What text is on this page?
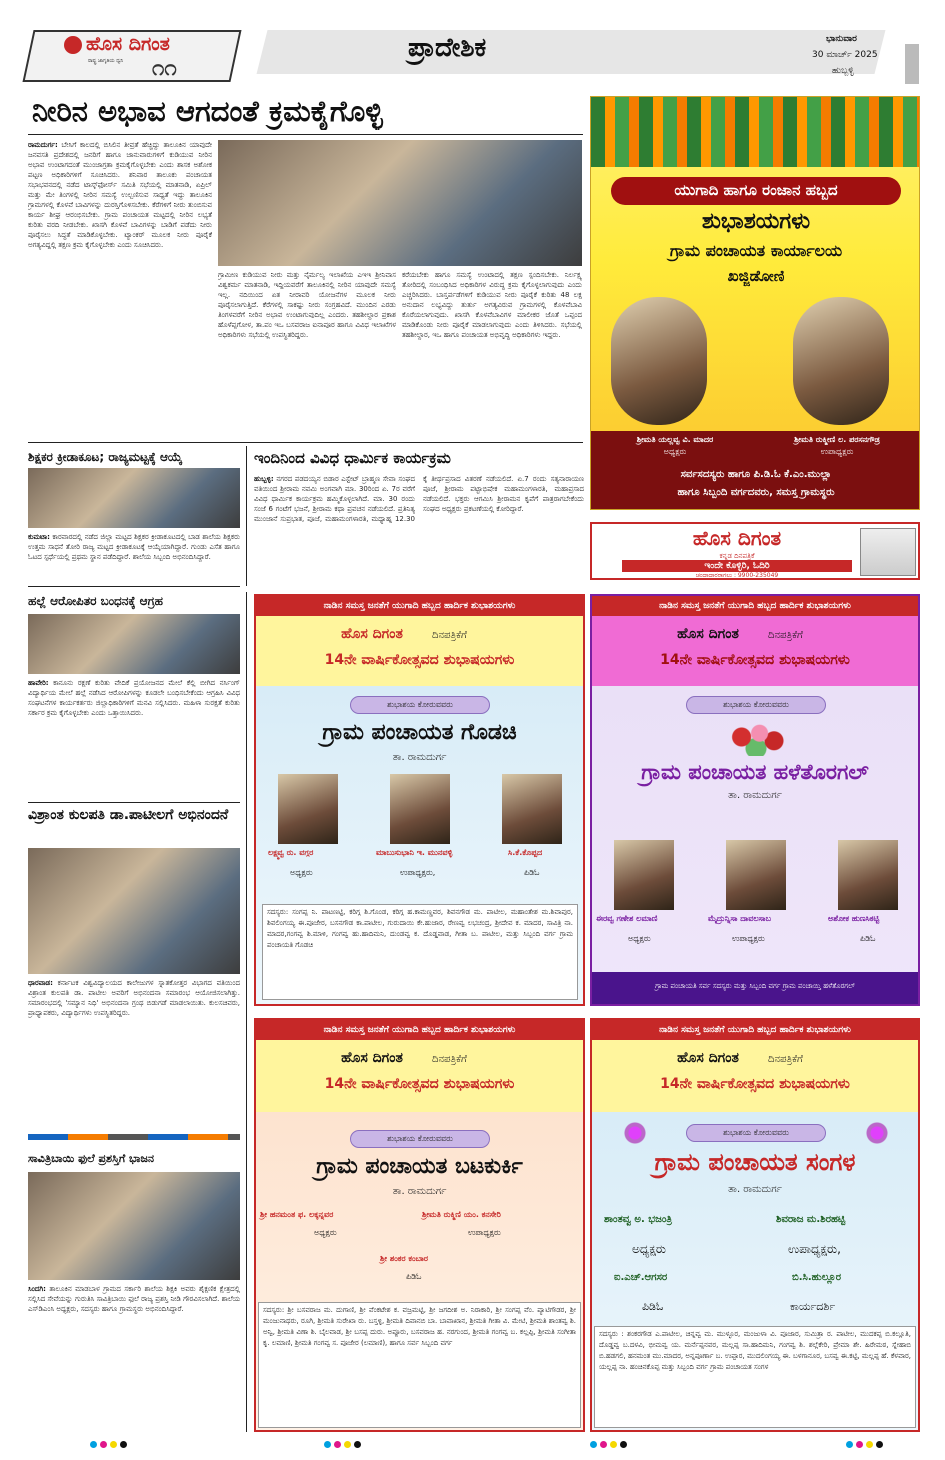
ಹೊಸ ದಿಗಂತ
ರಾಷ್ಟ್ರ ಜಾಗೃತಿಯ ಧ್ವನಿ ೧೧
ಪ್ರಾದೇಶಿಕ	ಭಾನುವಾರ
30 ಮಾರ್ಚ್ 2025
ಹುಬ್ಬಳ್ಳಿ
ನೀರಿನ ಅಭಾವ ಆಗದಂತೆ ಕ್ರಮಕೈಗೊಳ್ಳಿ
ರಾಮದುರ್ಗ: ಬೇಸಿಗೆ ಕಾಲದಲ್ಲಿ ಬಿಸಿಲಿನ ತೀವ್ರತೆ ಹೆಚ್ಚಿದ್ದು ತಾಲೂಕಿನ ಯಾವುದೇ ಜನವಸತಿ ಪ್ರದೇಶದಲ್ಲಿ ಜನರಿಗೆ ಹಾಗೂ ಜಾನುವಾರುಗಳಿಗೆ ಕುಡಿಯುವ ನೀರಿನ ಅಭಾವ ಉಂಟಾಗದಂತೆ ಮುಂಜಾಗ್ರತಾ ಕ್ರಮಕೈಗೊಳ್ಳಬೇಕು ಎಂದು ಶಾಸಕ ಅಶೋಕ ಪಟ್ಟಣ ಅಧಿಕಾರಿಗಳಿಗೆ ಸೂಚಿಸಿದರು. ಶನಿವಾರ ತಾಲೂಕು ಪಂಚಾಯತ ಸಭಾಭವನದಲ್ಲಿ ನಡೆದ ಟಾಸ್ಕ್‌ಫೋರ್ಸ್ ಸಮಿತಿ ಸಭೆಯಲ್ಲಿ ಮಾತನಾಡಿ, ಏಪ್ರಿಲ್ ಮತ್ತು ಮೇ ತಿಂಗಳಲ್ಲಿ ನೀರಿನ ಸಮಸ್ಯೆ ಉಲ್ಬಣಿಸುವ ಸಾಧ್ಯತೆ ಇದ್ದು ತಾಲೂಕಿನ ಗ್ರಾಮಗಳಲ್ಲಿ ಕೊಳವೆ ಬಾವಿಗಳನ್ನು ದುರಸ್ತಿಗೊಳಿಸಬೇಕು. ಕೆರೆಗಳಿಗೆ ನೀರು ತುಂಬಿಸುವ ಕಾರ್ಯ ಶೀಘ್ರ ಆರಂಭಿಸಬೇಕು. ಗ್ರಾಮ ಪಂಚಾಯತ ಮಟ್ಟದಲ್ಲಿ ನೀರಿನ ಲಭ್ಯತೆ ಕುರಿತು ವರದಿ ನೀಡಬೇಕು. ಖಾಸಗಿ ಕೊಳವೆ ಬಾವಿಗಳನ್ನು ಬಾಡಿಗೆ ಪಡೆದು ನೀರು ಪೂರೈಸಲು ಸಿದ್ಧತೆ ಮಾಡಿಕೊಳ್ಳಬೇಕು. ಟ್ಯಾಂಕರ್ ಮೂಲಕ ನೀರು ಪೂರೈಕೆ ಅಗತ್ಯವಿದ್ದಲ್ಲಿ ತಕ್ಷಣ ಕ್ರಮ ಕೈಗೊಳ್ಳಬೇಕು ಎಂದು ಸೂಚಿಸಿದರು.
ಗ್ರಾಮೀಣ ಕುಡಿಯುವ ನೀರು ಮತ್ತು ನೈರ್ಮಲ್ಯ ಇಲಾಖೆಯ ಎಇಇ ಶ್ರೀನಿವಾಸ ವಿಶ್ವಕರ್ಮ ಮಾತನಾಡಿ, ಇದ್ದಿಯವರೆಗೆ ತಾಲೂಕಿನಲ್ಲಿ ನೀರಿನ ಯಾವುದೇ ಸಮಸ್ಯೆ ಇಲ್ಲ. ನದಿಯಿಂದ ಏತ ನೀರಾವರಿ ಯೋಜನೆಗಳ ಮೂಲಕ ನೀರು ಪೂರೈಸಲಾಗುತ್ತಿದೆ. ಕೆರೆಗಳಲ್ಲಿ ಸಾಕಷ್ಟು ನೀರು ಸಂಗ್ರಹವಿದೆ. ಮುಂದಿನ ಎರಡು ತಿಂಗಳವರೆಗೆ ನೀರಿನ ಅಭಾವ ಉಂಟಾಗುವುದಿಲ್ಲ ಎಂದರು. ತಹಶೀಲ್ದಾರ ಪ್ರಕಾಶ ಹೊಳೆಪ್ಪಗೋಳ, ತಾ.ಪಂ ಇಒ ಬಸವರಾಜ ಐನಾಪೂರ ಹಾಗೂ ವಿವಿಧ ಇಲಾಖೆಗಳ ಅಧಿಕಾರಿಗಳು ಸಭೆಯಲ್ಲಿ ಉಪಸ್ಥಿತರಿದ್ದರು.
ಕರೆಯಬೇಕು ಹಾಗೂ ಸಮಸ್ಯೆ ಉಂಟಾದಲ್ಲಿ ತಕ್ಷಣ ಸ್ಪಂದಿಸಬೇಕು. ನಿರ್ಲಕ್ಷ್ಯ ತೋರಿದಲ್ಲಿ ಸಂಬಂಧಿಸಿದ ಅಧಿಕಾರಿಗಳ ವಿರುದ್ಧ ಕ್ರಮ ಕೈಗೊಳ್ಳಲಾಗುವುದು ಎಂದು ಎಚ್ಚರಿಸಿದರು. ಬಾಸ್ತರ್ಪಡೆಗಳಿಗೆ ಕುಡಿಯುವ ನೀರು ಪೂರೈಕೆ ಕುರಿತು 48 ಲಕ್ಷ ಅನುದಾನ ಲಭ್ಯವಿದ್ದು ತುರ್ತು ಅಗತ್ಯವಿರುವ ಗ್ರಾಮಗಳಲ್ಲಿ ಕೊಳವೆಬಾವಿ ಕೊರೆಯಲಾಗುವುದು. ಖಾಸಗಿ ಕೊಳವೆಬಾವಿಗಳ ಮಾಲೀಕರ ಜೊತೆ ಒಪ್ಪಂದ ಮಾಡಿಕೊಂಡು ನೀರು ಪೂರೈಕೆ ಮಾಡಲಾಗುವುದು ಎಂದು ತಿಳಿಸಿದರು. ಸಭೆಯಲ್ಲಿ ತಹಶೀಲ್ದಾರ, ಇಒ ಹಾಗೂ ಪಂಚಾಯತ ಅಭಿವೃದ್ಧಿ ಅಧಿಕಾರಿಗಳು ಇದ್ದರು.
ಶಿಕ್ಷಕರ ಕ್ರೀಡಾಕೂಟ; ರಾಜ್ಯಮಟ್ಟಕ್ಕೆ ಆಯ್ಕೆ
ಕುಮಟಾ: ಕಾರವಾರದಲ್ಲಿ ನಡೆದ ಜಿಲ್ಲಾ ಮಟ್ಟದ ಶಿಕ್ಷಕರ ಕ್ರೀಡಾಕೂಟದಲ್ಲಿ ಬಾಡ ಶಾಲೆಯ ಶಿಕ್ಷಕರು ಉತ್ತಮ ಸಾಧನೆ ತೋರಿ ರಾಜ್ಯ ಮಟ್ಟದ ಕ್ರೀಡಾಕೂಟಕ್ಕೆ ಆಯ್ಕೆಯಾಗಿದ್ದಾರೆ. ಗುಂಡು ಎಸೆತ ಹಾಗೂ ಓಟದ ಸ್ಪರ್ಧೆಯಲ್ಲಿ ಪ್ರಥಮ ಸ್ಥಾನ ಪಡೆದಿದ್ದಾರೆ. ಶಾಲೆಯ ಸಿಬ್ಬಂದಿ ಅಭಿನಂದಿಸಿದ್ದಾರೆ.
ಇಂದಿನಿಂದ ವಿವಿಧ ಧಾರ್ಮಿಕ ಕಾರ್ಯಕ್ರಮ
ಹುಬ್ಬಳ್ಳಿ: ನಗರದ ಪಡದಯ್ಯನ ಬಿಡಾರ ಎಸ್ಟೇಟ್ ಬ್ರಾಹ್ಮಣ ಸೇವಾ ಸಂಘದ ವತಿಯಿಂದ ಶ್ರೀರಾಮ ನವಮಿ ಅಂಗವಾಗಿ ಮಾ. 30ರಿಂದ ಏ. 7ರ ವರೆಗೆ ವಿವಿಧ ಧಾರ್ಮಿಕ ಕಾರ್ಯಕ್ರಮ ಹಮ್ಮಿಕೊಳ್ಳಲಾಗಿದೆ. ಮಾ. 30 ರಂದು ಸಂಜೆ 6 ಗಂಟೆಗೆ ಭಜನೆ, ಶ್ರೀರಾಮ ಕಥಾ ಪ್ರವಚನ ನಡೆಯಲಿದೆ. ಪ್ರತಿನಿತ್ಯ ಮುಂಜಾನೆ ಸುಪ್ರಭಾತ, ಪೂಜೆ, ಮಹಾಮಂಗಳಾರತಿ, ಮಧ್ಯಾಹ್ನ 12.30 ಕ್ಕೆ ತೀರ್ಥಪ್ರಸಾದ ವಿತರಣೆ ನಡೆಯಲಿದೆ. ಏ.7 ರಂದು ಸತ್ಯನಾರಾಯಣ ಪೂಜೆ, ಶ್ರೀರಾಮ ಪಟ್ಟಾಭಿಷೇಕ ಮಹಾಮಂಗಳಾರತಿ, ಮಹಾಪ್ರಸಾದ ನಡೆಯಲಿದೆ. ಭಕ್ತರು ಆಗಮಿಸಿ ಶ್ರೀರಾಮನ ಕೃಪೆಗೆ ಪಾತ್ರರಾಗಬೇಕೆಂದು ಸಂಘದ ಅಧ್ಯಕ್ಷರು ಪ್ರಕಟಣೆಯಲ್ಲಿ ಕೋರಿದ್ದಾರೆ.
ಹಲ್ಲೆ ಆರೋಪಿತರ ಬಂಧನಕ್ಕೆ ಆಗ್ರಹ
ಹಾವೇರಿ: ಕಾನೂನು ರಕ್ಷಣೆ ಕುರಿತು ವೇದಿಕೆ ಪ್ರಯೋಜನದ ಮೇಲೆ ಕೆಲ್ಲಿ ಬೀಗಿದ ನರ್ಸಿಂಗ್ ವಿದ್ಯಾರ್ಥಿಯ ಮೇಲೆ ಹಲ್ಲೆ ನಡೆಸಿದ ಆರೋಪಿಗಳನ್ನು ಕೂಡಲೇ ಬಂಧಿಸಬೇಕೆಂದು ಆಗ್ರಹಿಸಿ ವಿವಿಧ ಸಂಘಟನೆಗಳ ಕಾರ್ಯಕರ್ತರು ಜಿಲ್ಲಾಧಿಕಾರಿಗಳಿಗೆ ಮನವಿ ಸಲ್ಲಿಸಿದರು. ಮಹಿಳಾ ಸುರಕ್ಷತೆ ಕುರಿತು ಸರ್ಕಾರ ಕ್ರಮ ಕೈಗೊಳ್ಳಬೇಕು ಎಂದು ಒತ್ತಾಯಿಸಿದರು.
ವಿಶ್ರಾಂತ ಕುಲಪತಿ ಡಾ.ಪಾಟೀಲಗೆ ಅಭಿನಂದನೆ
ಧಾರವಾಡ: ಕರ್ನಾಟಕ ವಿಶ್ವವಿದ್ಯಾಲಯದ ಕಾಲೇಜುಗಳ ಸ್ನಾತಕೋತ್ತರ ವಿಭಾಗದ ವತಿಯಿಂದ ವಿಶ್ರಾಂತ ಕುಲಪತಿ ಡಾ. ಪಾಟೀಲ ಅವರಿಗೆ ಅಭಿನಂದನಾ ಸಮಾರಂಭ ಆಯೋಜಿಸಲಾಗಿತ್ತು. ಸಮಾರಂಭದಲ್ಲಿ 'ಸಮ್ಯಾನ ನಿಧಿ' ಅಭಿನಂದನಾ ಗ್ರಂಥ ಬಿಡುಗಡೆ ಮಾಡಲಾಯಿತು. ಕುಲಸಚಿವರು, ಪ್ರಾಧ್ಯಾಪಕರು, ವಿದ್ಯಾರ್ಥಿಗಳು ಉಪಸ್ಥಿತರಿದ್ದರು.
ಸಾವಿತ್ರಿಬಾಯಿ ಫುಲೆ ಪ್ರಶಸ್ತಿಗೆ ಭಾಜನ
ಸಿಂದಗಿ: ತಾಲೂಕಿನ ಮಾಡಬಾಳ ಗ್ರಾಮದ ಸರ್ಕಾರಿ ಶಾಲೆಯ ಶಿಕ್ಷಕಿ ಅವರು ಶೈಕ್ಷಣಿಕ ಕ್ಷೇತ್ರದಲ್ಲಿ ಸಲ್ಲಿಸಿದ ಸೇವೆಯನ್ನು ಗುರುತಿಸಿ ಸಾವಿತ್ರಿಬಾಯಿ ಫುಲೆ ರಾಜ್ಯ ಪ್ರಶಸ್ತಿ ನೀಡಿ ಗೌರವಿಸಲಾಗಿದೆ. ಶಾಲೆಯ ಎಸ್‌ಡಿಎಂಸಿ ಅಧ್ಯಕ್ಷರು, ಸದಸ್ಯರು ಹಾಗೂ ಗ್ರಾಮಸ್ಥರು ಅಭಿನಂದಿಸಿದ್ದಾರೆ.
ಯುಗಾದಿ ಹಾಗೂ ರಂಜಾನ ಹಬ್ಬದ
ಶುಭಾಶಯಗಳು
ಗ್ರಾಮ ಪಂಚಾಯತ ಕಾರ್ಯಾಲಯ
ಖಜ್ಜಿಡೋಣಿ
ಶ್ರೀಮತಿ ಯಲ್ಲವ್ವ ವಿ. ಮಾದರ
ಅಧ್ಯಕ್ಷರು
ಶ್ರೀಮತಿ ರುಕ್ಮೀಣಿ ಲ. ಪರಸನಗೌಡ್ರ
ಉಪಾಧ್ಯಕ್ಷರು
ಸರ್ವಸದಸ್ಯರು ಹಾಗೂ ಪಿ.ಡಿ.ಓ ಕೆ.ಎಂ.ಮುಲ್ಲಾ
ಹಾಗೂ ಸಿಬ್ಬಂದಿ ವರ್ಗದವರು, ಸಮಸ್ತ ಗ್ರಾಮಸ್ಥರು
ಹೊಸ ದಿಗಂತ
ಕನ್ನಡ ದಿನಪತ್ರಿಕೆ
ಇಂದೇ ಕೊಳ್ಳಿರಿ, ಓದಿರಿ
ಚಂದಾದಾರರಾಗಲು : 9900-235049
ನಾಡಿನ ಸಮಸ್ತ ಜನತೆಗೆ ಯುಗಾದಿ ಹಬ್ಬದ ಹಾರ್ದಿಕ ಶುಭಾಶಯಗಳು
ಹೊಸ ದಿಗಂತ	ದಿನಪತ್ರಿಕೆಗೆ
14ನೇ ವಾರ್ಷಿಕೋತ್ಸವದ ಶುಭಾಷಯಗಳು
ಶುಭಾಶಯ ಕೋರುವವರು
ಗ್ರಾಮ ಪಂಚಾಯತ ಗೊಡಚಿ
ತಾ. ರಾಮದುರ್ಗ
ಲಕ್ಷ್ಮವ್ವ ರು. ವಗ್ಗರ	ಮಾಬುಸುಭಾನಿ ಇ. ಮುನವಳ್ಳಿ	ಸಿ.ಕೆ.ಕೊಪ್ಪದ
ಅಧ್ಯಕ್ಷರು	ಉಪಾಧ್ಯಕ್ಷರು,	ಪಿಡಿಓ
ಸದಸ್ಯರು: ಸಂಗಪ್ಪ ನಿ. ಪಾಟಣಟ್ಟಿ, ಕರಿಗ್ಗ ಶಿ.ಗೊಂಡ, ಕರಿಗ್ಗ ಹ.ಕಾಮಣ್ಣವರ, ಶಿವನಗೌಡ ಮ. ಪಾಟೀಲ, ಮಹಾಂತೇಶ ಮ.ಶಿವಾಪುರ, ಶಿವಲಿಂಗಯ್ಯ ಈ.ಪೂಜೇರ, ಬಸನಗೌಡ ಕಾ.ಪಾಟೀಲ, ಗುರುದಾಯಿ ಕೇ.ಹುಜಾರ, ರೇಣವ್ವ ಲಭಚಂದ್ರ, ಶ್ರೀದೇವ ಕ. ಮಾದರ, ಸಾವಿತ್ರಿ ನಾ. ಮಾದರ,ಗಂಗವ್ವ ಶಿ.ಮಾಳಿ, ಗಂಗವ್ವ ಹು.ಹಾದಿಮನಿ, ದುಂಡವ್ವ ಕ. ದೊಡ್ಡವಾಡ, ಗೀತಾ ಬ. ಪಾಟೀಲ, ಮತ್ತು ಸಿಬ್ಬಂದಿ ವರ್ಗ ಗ್ರಾಮ ಪಂಚಾಯತಿ ಗೊಡಚಿ
ನಾಡಿನ ಸಮಸ್ತ ಜನತೆಗೆ ಯುಗಾದಿ ಹಬ್ಬದ ಹಾರ್ದಿಕ ಶುಭಾಶಯಗಳು
ಹೊಸ ದಿಗಂತ	ದಿನಪತ್ರಿಕೆಗೆ
14ನೇ ವಾರ್ಷಿಕೋತ್ಸವದ ಶುಭಾಷಯಗಳು
ಶುಭಾಶಯ ಕೋರುವವರು
ಗ್ರಾಮ ಪಂಚಾಯತ ಹಳೆತೊರಗಲ್
ತಾ. ರಾಮದುರ್ಗ
ಈರವ್ವ ಗಣೇಶ ಲಮಾಣಿ	ಮೈದ್ರುನ್ನಿಸಾ ದಾವಲಸಾಬ	ಅಶೋಕ ಹುಣಸಿಕಟ್ಟಿ
ಅಧ್ಯಕ್ಷರು	ಉಪಾಧ್ಯಕ್ಷರು	ಪಿಡಿಓ
ಗ್ರಾಮ ಪಂಚಾಯತಿ ಸರ್ವ ಸದಸ್ಯರು ಮತ್ತು ಸಿಬ್ಬಂದಿ ವರ್ಗ ಗ್ರಾಮ ಪಂಚಾಯ್ತಿ ಹಳೆತೊರಗಲ್
ನಾಡಿನ ಸಮಸ್ತ ಜನತೆಗೆ ಯುಗಾದಿ ಹಬ್ಬದ ಹಾರ್ದಿಕ ಶುಭಾಶಯಗಳು
ಹೊಸ ದಿಗಂತ	ದಿನಪತ್ರಿಕೆಗೆ
14ನೇ ವಾರ್ಷಿಕೋತ್ಸವದ ಶುಭಾಷಯಗಳು
ಶುಭಾಶಯ ಕೋರುವವರು
ಗ್ರಾಮ ಪಂಚಾಯತ ಬಟಕುರ್ಕಿ
ತಾ. ರಾಮದುರ್ಗ
ಶ್ರೀ ಹನಮಂತ ಫ. ಲಕ್ಕನ್ನವರ	ಶ್ರೀಮತಿ ರುಕ್ಮಿಣಿ ಯಂ. ಕನಸೇರಿ
ಅಧ್ಯಕ್ಷರು	ಉಪಾಧ್ಯಕ್ಷರು
ಶ್ರೀ ಶಂಕರ ಕಂಬಾರ
ಪಿಡಿಓ
ಸದಸ್ಯರು: ಶ್ರೀ ಬಸವರಾಜ ಮ. ದುಗಾಣಿ, ಶ್ರೀ ವೆಂಕಟೇಶ ಕ. ವಜ್ರಮಟ್ಟಿ, ಶ್ರೀ ಜಗದೀಶ ಅ. ನಿರಾಕಾರಿ, ಶ್ರೀ ಸಂಗಪ್ಪ ವೆಂ. ಪ್ಯಾಟಿಗೌಡರ, ಶ್ರೀ ಮಂಜುನಾಥರು, ರೂಗಿ, ಶ್ರೀಮತಿ ಸುರೇಖಾ ರು. ಬಸ್ತಳ್ಳಿ, ಶ್ರೀಮತಿ ದಿವಾನಬಿ ಬಾ. ಬಾವಾಖಾನ, ಶ್ರೀಮತಿ ಗೀತಾ ವಿ. ಮೇಟಿ, ಶ್ರೀಮತಿ ಶಾಂತವ್ವ ಶಿ. ಅನ್ವಿ, ಶ್ರೀಮತಿ ವಿಣಾ ಶಿ. ಬೈಲವಾಡ, ಶ್ರೀ ಬಸಪ್ಪ ದುರು. ಅಪ್ಪೂರು, ಬಸವರಾಜ ಹ. ನರಗುಂದ, ಶ್ರೀಮತಿ ಗಂಗವ್ವ ಬ. ಕಲ್ಲಪ್ಪಿ, ಶ್ರೀಮತಿ ಸಂಗೀತಾ ಕೃ. ಲಮಾಣಿ, ಶ್ರೀಮತಿ ಗಂಗವ್ವ ಸ. ಪೂಜೇರ (ಲಮಾಣಿ), ಹಾಗೂ ಸರ್ವ ಸಿಬ್ಬಂದಿ ವರ್ಗ
ನಾಡಿನ ಸಮಸ್ತ ಜನತೆಗೆ ಯುಗಾದಿ ಹಬ್ಬದ ಹಾರ್ದಿಕ ಶುಭಾಶಯಗಳು
ಹೊಸ ದಿಗಂತ	ದಿನಪತ್ರಿಕೆಗೆ
14ನೇ ವಾರ್ಷಿಕೋತ್ಸವದ ಶುಭಾಷಯಗಳು
ಶುಭಾಶಯ ಕೋರುವವರು
ಗ್ರಾಮ ಪಂಚಾಯತ ಸಂಗಳ
ತಾ. ರಾಮದುರ್ಗ
ಶಾಂತವ್ವ ಅ. ಭಜಂತ್ರಿ	ಶಿವರಾಜ ಮ.ಶಿರಹಟ್ಟಿ
ಅಧ್ಯಕ್ಷರು	ಉಪಾಧ್ಯಕ್ಷರು,
ಐ.ಎಚ್.ಆಗಸರ	ಬಿ.ಸಿ.ಹುಲ್ಲೂರ
ಪಿಡಿಓ	ಕಾರ್ಯದರ್ಶಿ
ಸದಸ್ಯರು : ಶಂಕರಗೌಡ ಎ.ಪಾಟೀಲ, ಚಿನ್ನವ್ವ ಮ. ಮುಳ್ಳೂರ, ಮಂಜುಳಾ ವಿ. ಪೂಜಾರ, ಸುಮಿತ್ರಾ ರ. ಪಾಟೀಲ, ಮುದಕಪ್ಪ ಬಿ.ಕಲ್ಲೂತಿ, ದೊಡ್ಡವ್ವ ಬ.ದಳವಿ, ಭೀಮವ್ವ ಯ. ಮರ್ನೆಪ್ಪನವರ, ಮಲ್ಲಪ್ಪ ಸಾ.ಹಾದಿಮನಿ, ಗಂಗವ್ವ ಶಿ. ಶಲ್ಲೆಕೇರಿ, ಪ್ರೇಮಾ ಶೇ. ಹಿರೇಮಠ, ಸ್ನೇಹಾಬಿ ಬಿ.ಹಡಗಲಿ, ಹನಮಂತ ಮು.ಮಾದರ, ಅನ್ನಪೂರ್ಣಾ ಬ. ಉಪ್ಪಾರ, ಮುದಲಿಂಗಯ್ಯ ಈ. ಬಳಗಾನೂರ, ಬಸವ್ವ ಈ.ಕಟ್ಟಿ, ಮಲ್ಲಪ್ಪ ಹೆ. ಕೆಳವಾರ, ಯಲ್ಲಪ್ಪ ನಾ. ಹಂಚಿನಕೊಪ್ಪ ಮತ್ತು ಸಿಬ್ಬಂದಿ ವರ್ಗ ಗ್ರಾಮ ಪಂಚಾಯತ ಸಂಗಳ
